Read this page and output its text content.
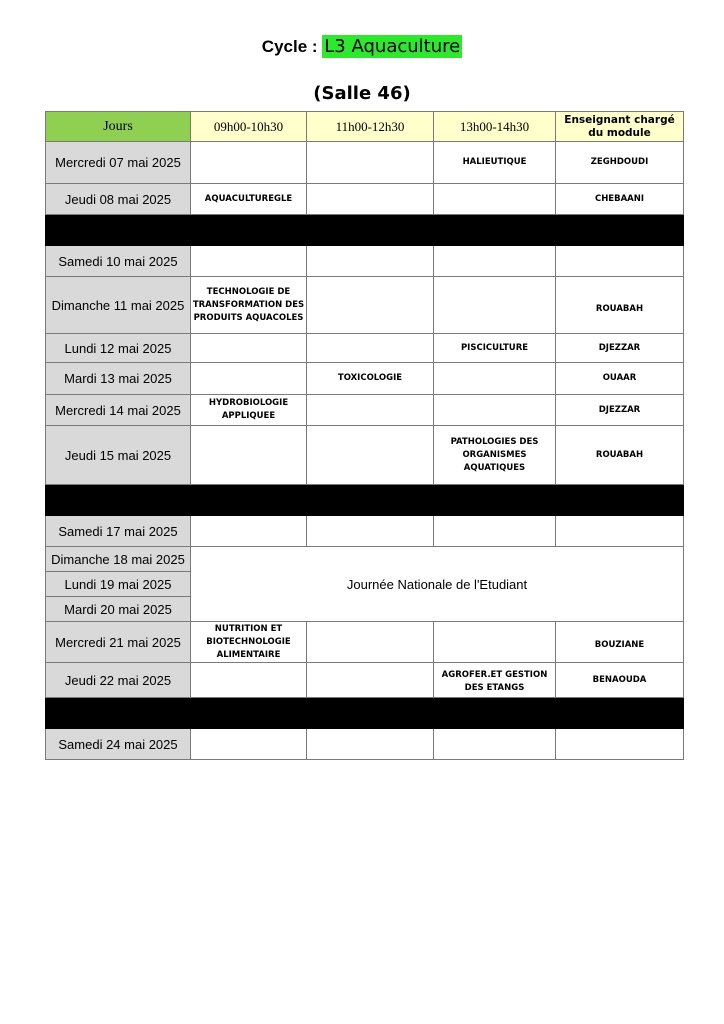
Cycle : L3 Aquaculture
(Salle 46)
Jours	09h00-10h30	11h00-12h30	13h00-14h30	Enseignant chargé du module
Mercredi 07 mai 2025			HALIEUTIQUE	ZEGHDOUDI
Jeudi 08 mai 2025	AQUACULTUREGLE			CHEBAANI

Samedi 10 mai 2025				
Dimanche 11 mai 2025	TECHNOLOGIE DE TRANSFORMATION DES PRODUITS AQUACOLES			ROUABAH
Lundi 12 mai 2025			PISCICULTURE	DJEZZAR
Mardi 13 mai 2025		TOXICOLOGIE		OUAAR
Mercredi 14 mai 2025	HYDROBIOLOGIE APPLIQUEE			DJEZZAR
Jeudi 15 mai 2025			PATHOLOGIES DES ORGANISMES AQUATIQUES	ROUABAH

Samedi 17 mai 2025				
Dimanche 18 mai 2025	Journée Nationale de l'Etudiant			
Lundi 19 mai 2025				
Mardi 20 mai 2025				
Mercredi 21 mai 2025	NUTRITION ET BIOTECHNOLOGIE ALIMENTAIRE			BOUZIANE
Jeudi 22 mai 2025			AGROFER.ET GESTION DES ETANGS	BENAOUDA

Samedi 24 mai 2025				
